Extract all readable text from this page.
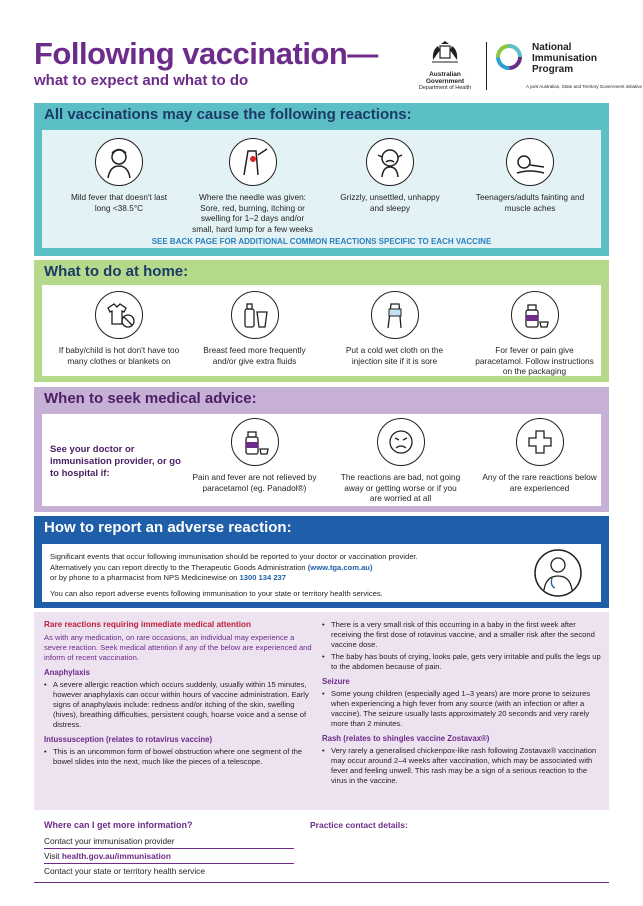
Following vaccination—
what to expect and what to do	Australian Government
Department of Health
National
Immunisation
Program
A joint Australian, State and Territory Government initiative
All vaccinations may cause the following reactions:
Mild fever that doesn't last long <38.5°C
Where the needle was given: Sore, red, burning, itching or swelling for 1–2 days and/or small, hard lump for a few weeks
Grizzly, unsettled, unhappy and sleepy
Teenagers/adults fainting and muscle aches
SEE BACK PAGE FOR ADDITIONAL COMMON REACTIONS SPECIFIC TO EACH VACCINE
What to do at home:
If baby/child is hot don't have too many clothes or blankets on
Breast feed more frequently and/or give extra fluids
Put a cold wet cloth on the injection site if it is sore
For fever or pain give paracetamol. Follow instructions on the packaging
When to seek medical advice:
See your doctor or immunisation provider, or go to hospital if:	Pain and fever are not relieved by paracetamol (eg. Panadol®)
The reactions are bad, not going away or getting worse or if you are worried at all
Any of the rare reactions below are experienced
How to report an adverse reaction:

Significant events that occur following immunisation should be reported to your doctor or vaccination provider.

Alternatively you can report directly to the Therapeutic Goods Administration (www.tga.com.au)

or by phone to a pharmacist from NPS Medicinewise on 1300 134 237

You can also report adverse events following immunisation to your state or territory health services.

Rare reactions requiring immediate medical attention
As with any medication, on rare occasions, an individual may experience a severe reaction. Seek medical attention if any of the below are experienced and inform of recent vaccination.
Anaphylaxis
• A severe allergic reaction which occurs suddenly, usually within 15 minutes, however anaphylaxis can occur within hours of vaccine administration. Early signs of anaphylaxis include: redness and/or itching of the skin, swelling (hives), breathing difficulties, persistent cough, hoarse voice and a sense of distress.
Intussusception (relates to rotavirus vaccine)
• This is an uncommon form of bowel obstruction where one segment of the bowel slides into the next, much like the pieces of a telescope.
• There is a very small risk of this occurring in a baby in the first week after receiving the first dose of rotavirus vaccine, and a smaller risk after the second vaccine dose.
• The baby has bouts of crying, looks pale, gets very irritable and pulls the legs up to the abdomen because of pain.
Seizure
• Some young children (especially aged 1–3 years) are more prone to seizures when experiencing a high fever from any source (with an infection or after a vaccine). The seizure usually lasts approximately 20 seconds and very rarely more than 2 minutes.
Rash (relates to shingles vaccine Zostavax®)
• Very rarely a generalised chickenpox-like rash following Zostavax® vaccination may occur around 2–4 weeks after vaccination, which may be associated with fever and feeling unwell. This rash may be a sign of a serious reaction to the virus in the vaccine.
Where can I get more information?	Practice contact details:
Contact your immunisation provider
Visit health.gov.au/immunisation
Contact your state or territory health service
